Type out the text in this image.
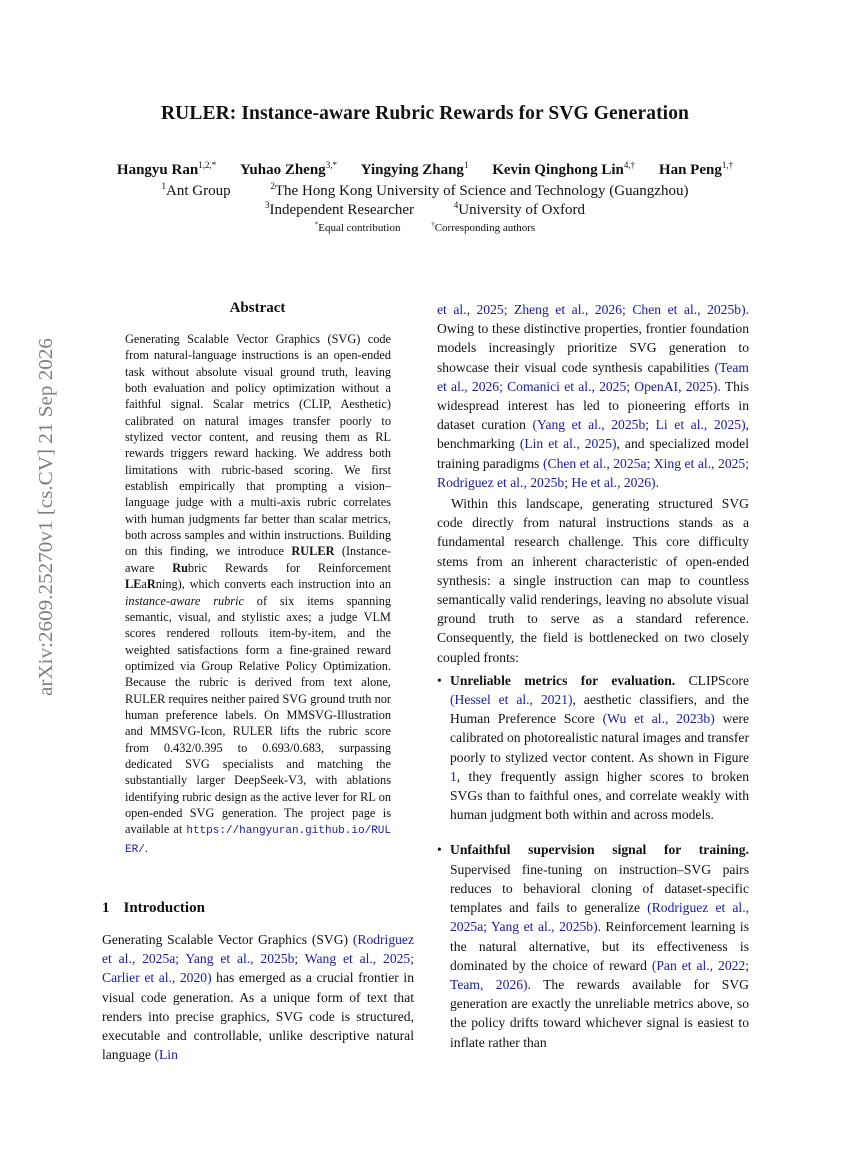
RULER: Instance-aware Rubric Rewards for SVG Generation
Hangyu Ran$^{1,2,*}$ Yuhao Zheng$^{3,*}$ Yingying Zhang$^1$ Kevin Qinghong Lin$^{4,\dagger}$ Han Peng$^{1,\dagger}$
$^1$Ant Group	$^2$The Hong Kong University of Science and Technology (Guangzhou)
$^3$Independent Researcher	$^4$University of Oxford
*Equal contribution	†Corresponding authors
arXiv:2609.25270v1 [cs.CV] 21 Sep 2026
Abstract
Generating Scalable Vector Graphics (SVG) code from natural-language instructions is an open-ended task without absolute visual ground truth, leaving both evaluation and policy optimization without a faithful signal. Scalar metrics (CLIP, Aesthetic) calibrated on natural images transfer poorly to stylized vector content, and reusing them as RL rewards triggers reward hacking. We address both limitations with rubric-based scoring. We first establish empirically that prompting a vision–language judge with a multi-axis rubric correlates with human judgments far better than scalar metrics, both across samples and within instructions. Building on this finding, we introduce RULER (Instance-aware Rubric Rewards for Reinforcement LEaRning), which converts each instruction into an instance-aware rubric of six items spanning semantic, visual, and stylistic axes; a judge VLM scores rendered rollouts item-by-item, and the weighted satisfactions form a fine-grained reward optimized via Group Relative Policy Optimization. Because the rubric is derived from text alone, RULER requires neither paired SVG ground truth nor human preference labels. On MMSVG-Illustration and MMSVG-Icon, RULER lifts the rubric score from 0.432/0.395 to 0.693/0.683, surpassing dedicated SVG specialists and matching the substantially larger DeepSeek-V3, with ablations identifying rubric design as the active lever for RL on open-ended SVG generation. The project page is available at https://hangyuran.github.io/RULER/.
1 Introduction
Generating Scalable Vector Graphics (SVG) (Rodriguez et al., 2025a; Yang et al., 2025b; Wang et al., 2025; Carlier et al., 2020) has emerged as a crucial frontier in visual code generation. As a unique form of text that renders into precise graphics, SVG code is structured, executable and controllable, unlike descriptive natural language (Lin

et al., 2025; Zheng et al., 2026; Chen et al., 2025b). Owing to these distinctive properties, frontier foundation models increasingly prioritize SVG generation to showcase their visual code synthesis capabilities (Team et al., 2026; Comanici et al., 2025; OpenAI, 2025). This widespread interest has led to pioneering efforts in dataset curation (Yang et al., 2025b; Li et al., 2025), benchmarking (Lin et al., 2025), and specialized model training paradigms (Chen et al., 2025a; Xing et al., 2025; Rodriguez et al., 2025b; He et al., 2026).

Within this landscape, generating structured SVG code directly from natural instructions stands as a fundamental research challenge. This core difficulty stems from an inherent characteristic of open-ended synthesis: a single instruction can map to countless semantically valid renderings, leaving no absolute visual ground truth to serve as a standard reference. Consequently, the field is bottlenecked on two closely coupled fronts:

• Unreliable metrics for evaluation. CLIPScore (Hessel et al., 2021), aesthetic classifiers, and the Human Preference Score (Wu et al., 2023b) were calibrated on photorealistic natural images and transfer poorly to stylized vector content. As shown in Figure 1, they frequently assign higher scores to broken SVGs than to faithful ones, and correlate weakly with human judgment both within and across models.
• Unfaithful supervision signal for training. Supervised fine-tuning on instruction–SVG pairs reduces to behavioral cloning of dataset-specific templates and fails to generalize (Rodriguez et al., 2025a; Yang et al., 2025b). Reinforcement learning is the natural alternative, but its effectiveness is dominated by the choice of reward (Pan et al., 2022; Team, 2026). The rewards available for SVG generation are exactly the unreliable metrics above, so the policy drifts toward whichever signal is easiest to inflate rather than
